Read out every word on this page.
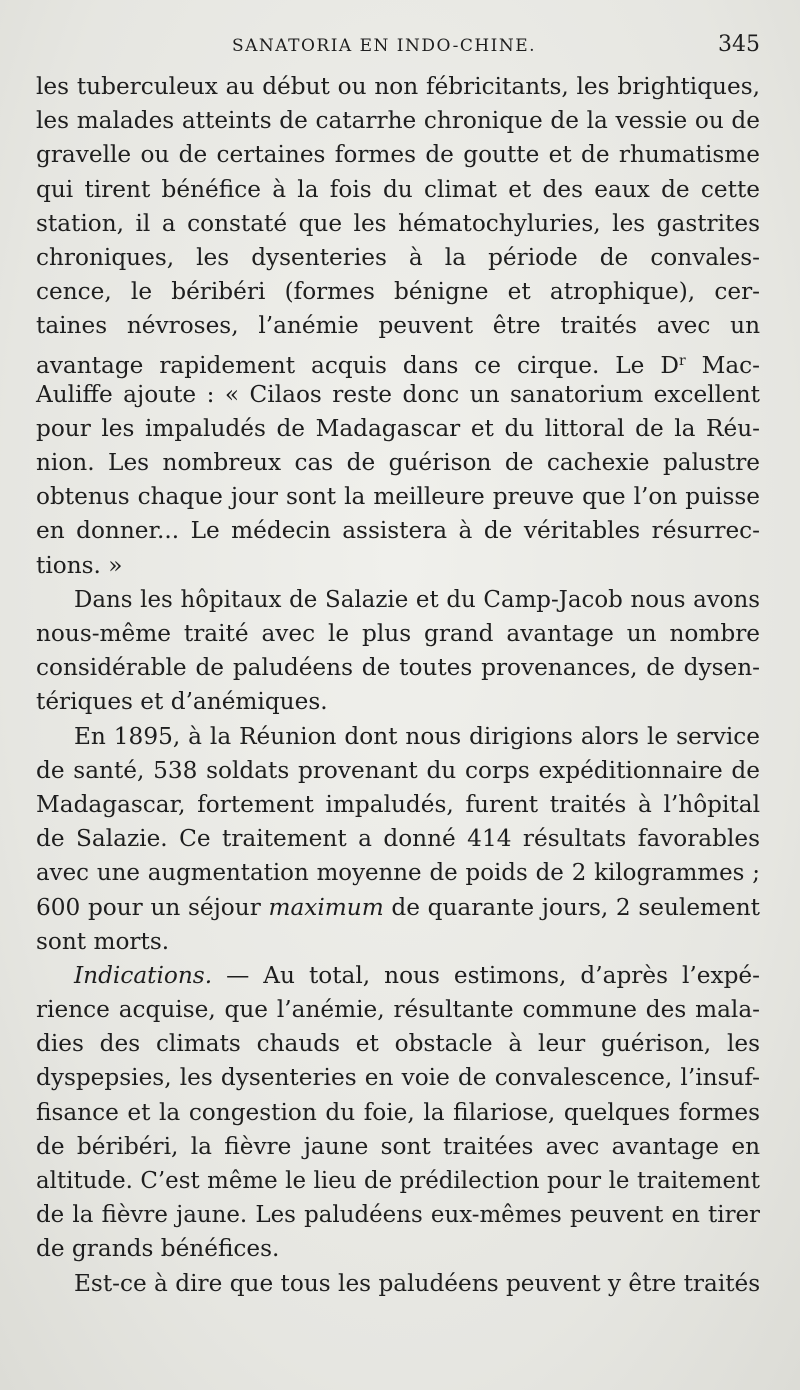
SANATORIA EN INDO-CHINE.	345
les tuberculeux au début ou non fébricitants, les brightiques,
les malades atteints de catarrhe chronique de la vessie ou de
gravelle ou de certaines formes de goutte et de rhumatisme
qui tirent bénéfice à la fois du climat et des eaux de cette
station, il a constaté que les hématochyluries, les gastrites
chroniques, les dysenteries à la période de convales-
cence, le béribéri (formes bénigne et atrophique), cer-
taines névroses, l’anémie peuvent être traités avec un
avantage rapidement acquis dans ce cirque. Le $D^r$ Mac-
Auliffe ajoute : « Cilaos reste donc un sanatorium excellent
pour les impaludés de Madagascar et du littoral de la Réu-
nion. Les nombreux cas de guérison de cachexie palustre
obtenus chaque jour sont la meilleure preuve que l’on puisse
en donner... Le médecin assistera à de véritables résurrec-
tions. »
Dans les hôpitaux de Salazie et du Camp-Jacob nous avons
nous-même traité avec le plus grand avantage un nombre
considérable de paludéens de toutes provenances, de dysen-
tériques et d’anémiques.
En 1895, à la Réunion dont nous dirigions alors le service
de santé, 538 soldats provenant du corps expéditionnaire de
Madagascar, fortement impaludés, furent traités à l’hôpital
de Salazie. Ce traitement a donné 414 résultats favorables
avec une augmentation moyenne de poids de 2 kilogrammes ;
600 pour un séjour maximum de quarante jours, 2 seulement
sont morts.
Indications. — Au total, nous estimons, d’après l’expé-
rience acquise, que l’anémie, résultante commune des mala-
dies des climats chauds et obstacle à leur guérison, les
dyspepsies, les dysenteries en voie de convalescence, l’insuf-
fisance et la congestion du foie, la filariose, quelques formes
de béribéri, la fièvre jaune sont traitées avec avantage en
altitude. C’est même le lieu de prédilection pour le traitement
de la fièvre jaune. Les paludéens eux-mêmes peuvent en tirer
de grands bénéfices.
Est-ce à dire que tous les paludéens peuvent y être traités
